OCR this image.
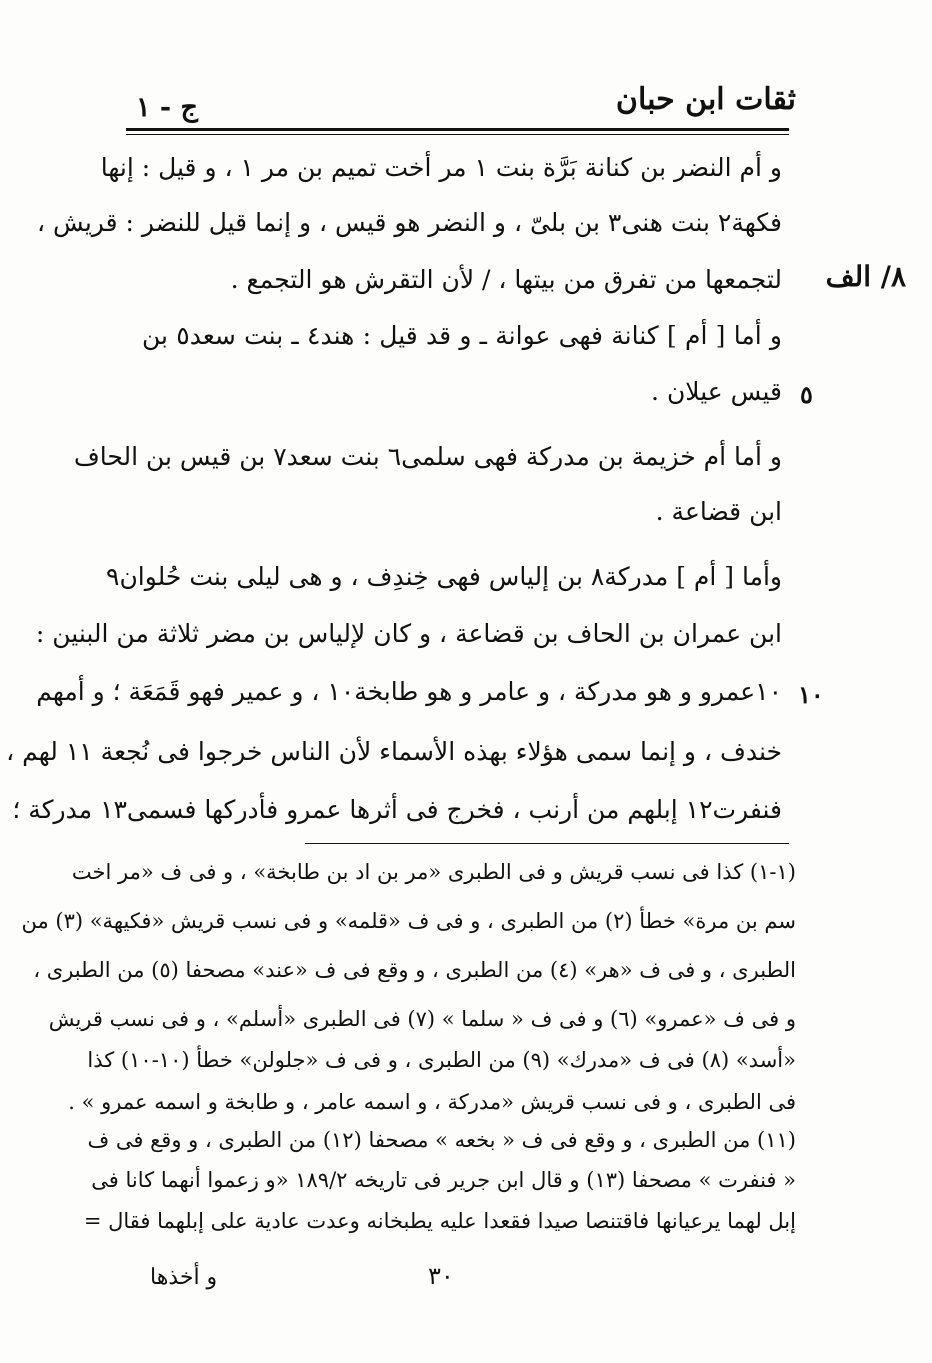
ثقات ابن حبان
ج - ١
٨/ الف
و أم النضر بن كنانة بَرَّة بنت ١ مر أخت تميم بن مر ١ ، و قيل : إنها
فكهة٢ بنت هنى٣ بن بلىّ ، و النضر هو قيس ، و إنما قيل للنضر : قريش ،
لتجمعها من تفرق من بيتها ، / لأن التقرش هو التجمع .
و أما [ أم ] كنانة فهى عوانة ـ و قد قيل : هند٤ ـ بنت سعد٥ بن
قيس عيلان . ٥
و أما أم خزيمة بن مدركة فهى سلمى٦ بنت سعد٧ بن قيس بن الحاف
ابن قضاعة .
وأما [ أم ] مدركة٨ بن إلياس فهى خِندِف ، و هى ليلى بنت حُلوان٩
ابن عمران بن الحاف بن قضاعة ، و كان لإلياس بن مضر ثلاثة من البنين :
١٠عمرو و هو مدركة ، و عامر و هو طابخة١٠ ، و عمير فهو قَمَعَة ؛ و أمهم ١٠
خندف ، و إنما سمى هؤلاء بهذه الأسماء لأن الناس خرجوا فى نُجعة ١١ لهم ،
فنفرت١٢ إبلهم من أرنب ، فخرج فى أثرها عمرو فأدركها فسمى١٣ مدركة ؛
(١-١) كذا فى نسب قريش و فى الطبرى «مر بن اد بن طابخة» ، و فى ف «مر اخت
سم بن مرة» خطأ (٢) من الطبرى ، و فى ف «قلمه» و فى نسب قريش «فكيهة» (٣) من
الطبرى ، و فى ف «هر» (٤) من الطبرى ، و وقع فى ف «عند» مصحفا (٥) من الطبرى ،
و فى ف «عمرو» (٦) و فى ف « سلما » (٧) فى الطبرى «أسلم» ، و فى نسب قريش
«أسد» (٨) فى ف «مدرك» (٩) من الطبرى ، و فى ف «جلولن» خطأ (١٠-١٠) كذا
فى الطبرى ، و فى نسب قريش «مدركة ، و اسمه عامر ، و طابخة و اسمه عمرو » .
(١١) من الطبرى ، و وقع فى ف « بخعه » مصحفا (١٢) من الطبرى ، و وقع فى ف
« فنفرت » مصحفا (١٣) و قال ابن جرير فى تاريخه ١٨٩/٢ «و زعموا أنهما كانا فى
إبل لهما يرعيانها فاقتنصا صيدا فقعدا عليه يطبخانه وعدت عادية على إبلهما فقال =
٣٠
و أخذها
